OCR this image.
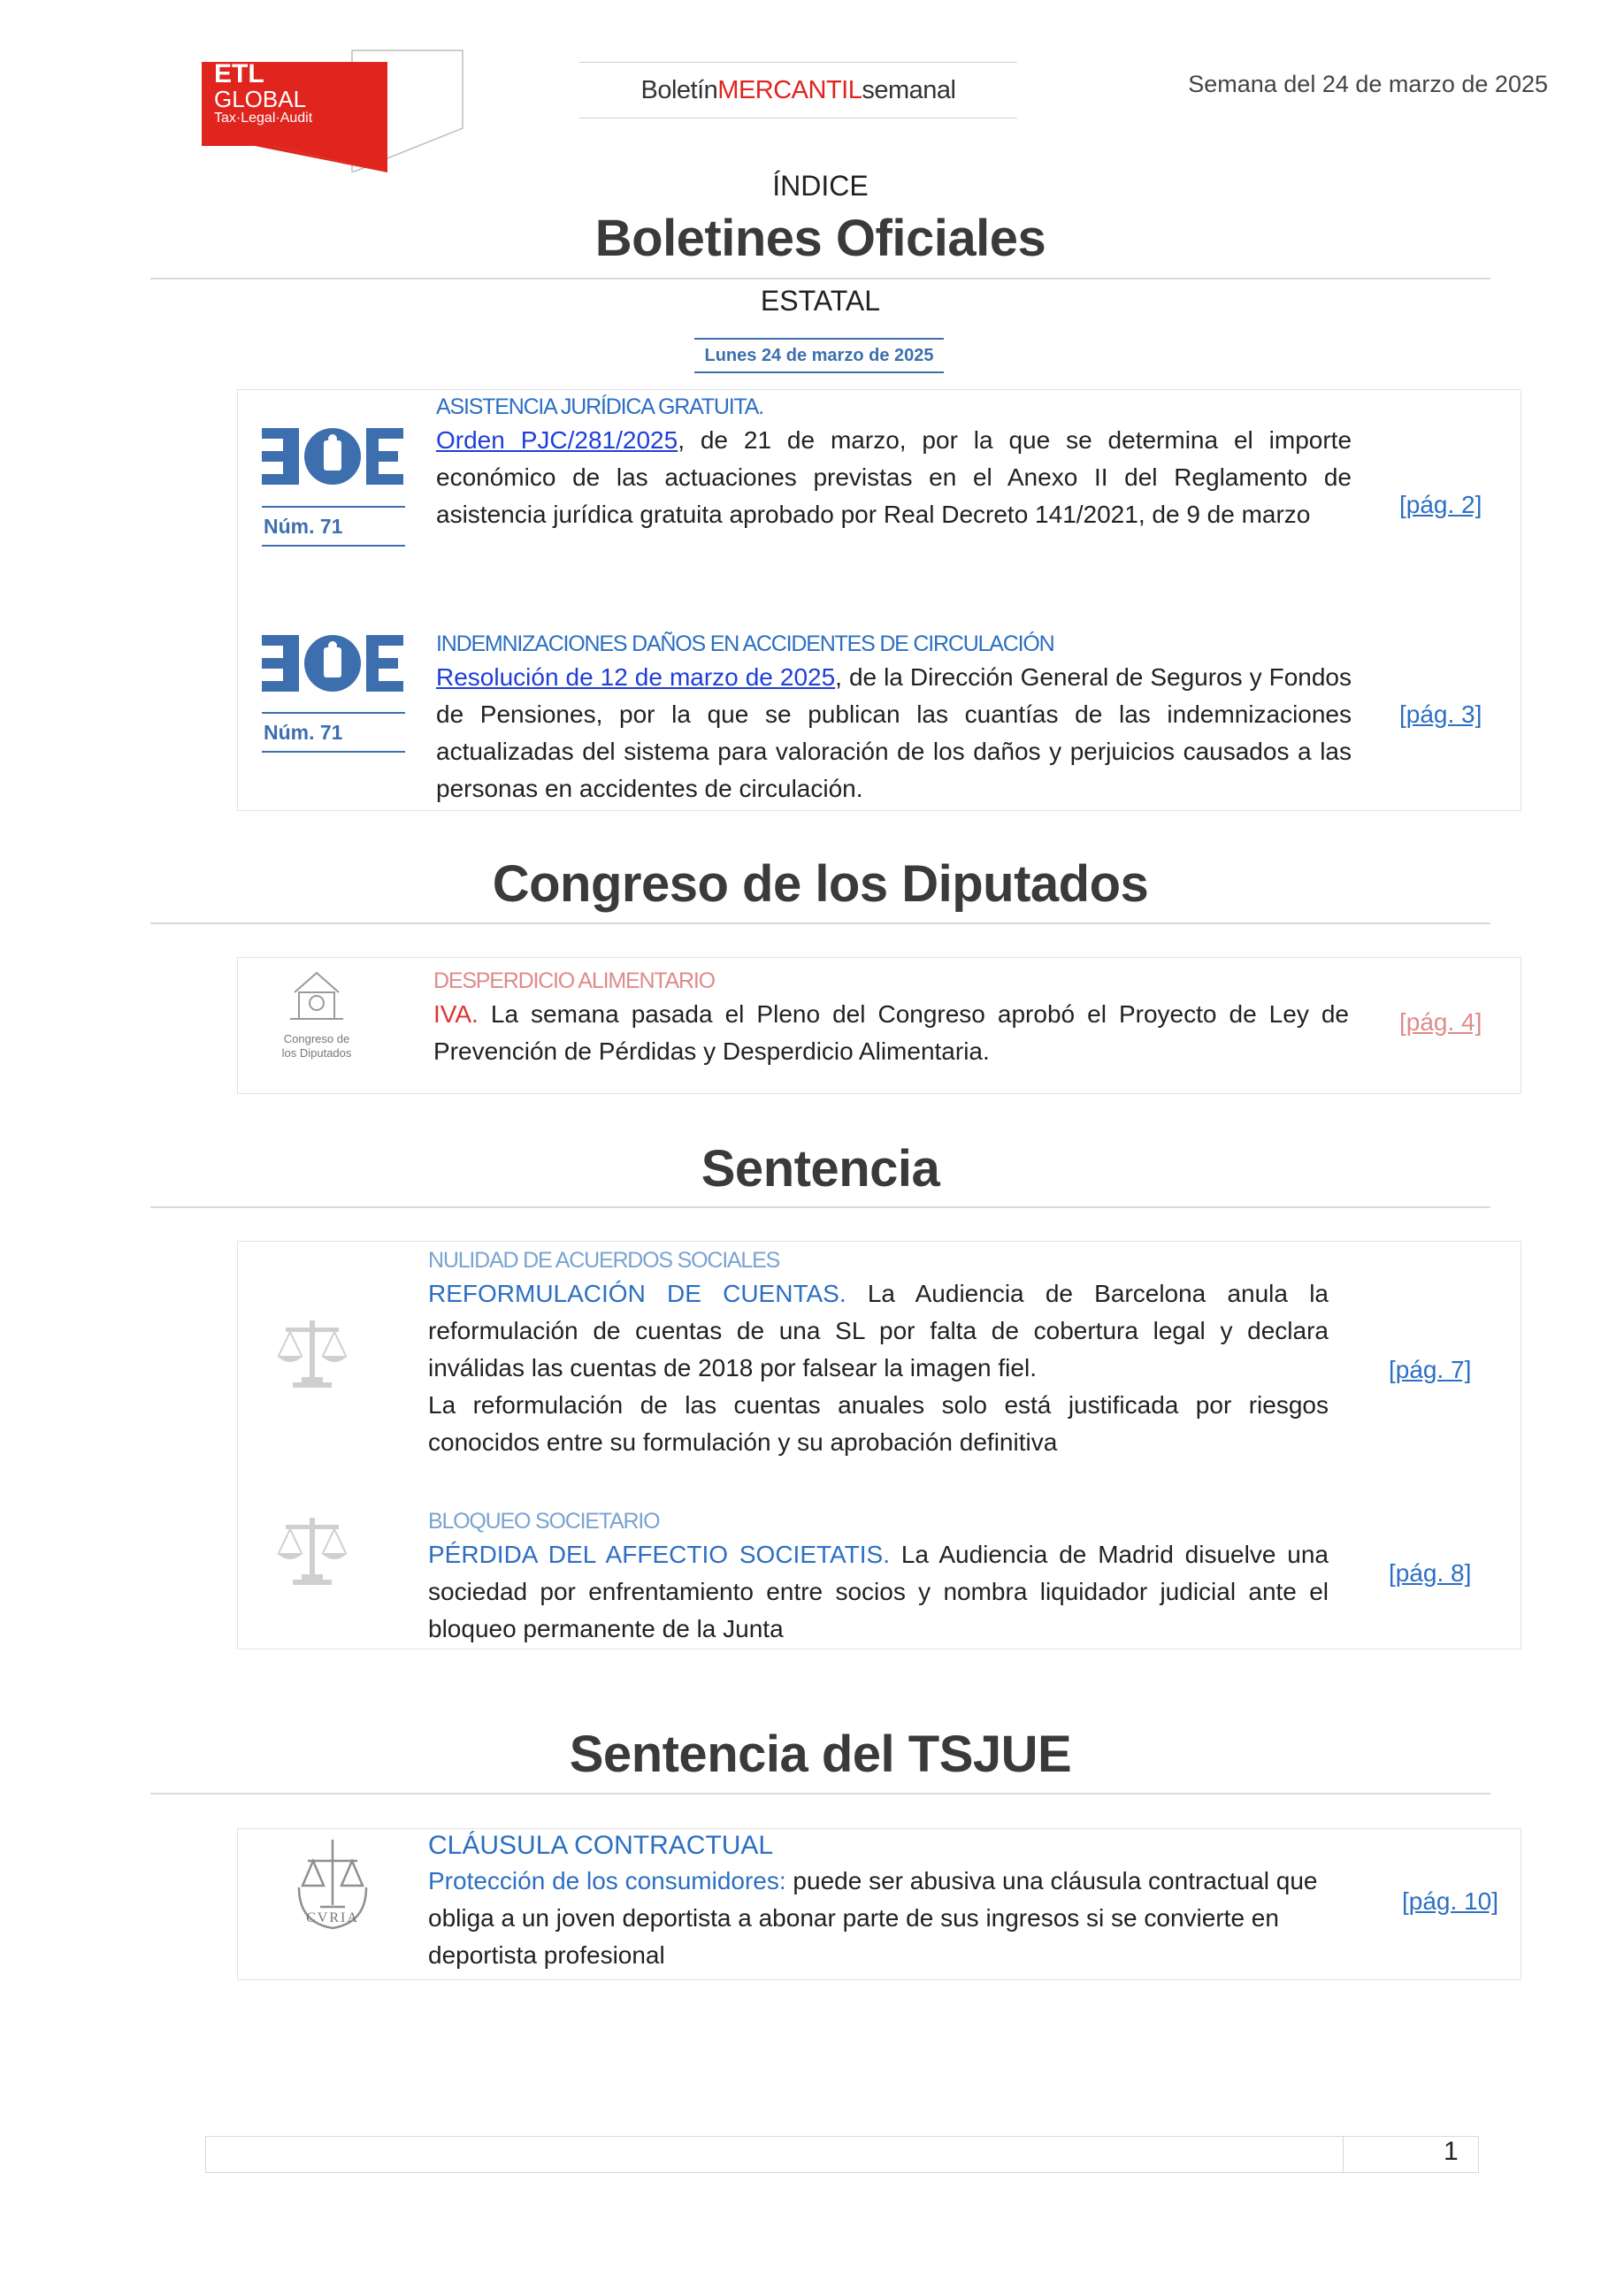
ETL
GLOBAL
Tax·Legal·Audit
Boletín MERCANTIL semanal	Semana del 24 de marzo de 2025
ÍNDICE
Boletines Oficiales
ESTATAL
Lunes 24 de marzo de 2025
Núm. 71
ASISTENCIA JURÍDICA GRATUITA.
Orden PJC/281/2025, de 21 de marzo, por la que se determina el importe económico de las actuaciones previstas en el Anexo II del Reglamento de asistencia jurídica gratuita aprobado por Real Decreto 141/2021, de 9 de marzo	[pág. 2]
Núm. 71
INDEMNIZACIONES DAÑOS EN ACCIDENTES DE CIRCULACIÓN
Resolución de 12 de marzo de 2025, de la Dirección General de Seguros y Fondos de Pensiones, por la que se publican las cuantías de las indemnizaciones actualizadas del sistema para valoración de los daños y perjuicios causados a las personas en accidentes de circulación.
[pág. 3]
Congreso de los Diputados
Congreso de
los Diputados
DESPERDICIO ALIMENTARIO
IVA. La semana pasada el Pleno del Congreso aprobó el Proyecto de Ley de Prevención de Pérdidas y Desperdicio Alimentaria.
[pág. 4]
Sentencia
NULIDAD DE ACUERDOS SOCIALES
REFORMULACIÓN DE CUENTAS. La Audiencia de Barcelona anula la reformulación de cuentas de una SL por falta de cobertura legal y declara inválidas las cuentas de 2018 por falsear la imagen fiel.
La reformulación de las cuentas anuales solo está justificada por riesgos conocidos entre su formulación y su aprobación definitiva
[pág. 7]
BLOQUEO SOCIETARIO
PÉRDIDA DEL AFFECTIO SOCIETATIS. La Audiencia de Madrid disuelve una sociedad por enfrentamiento entre socios y nombra liquidador judicial ante el bloqueo permanente de la Junta
[pág. 8]
Sentencia del TSJUE
CVRIA
CLÁUSULA CONTRACTUAL
Protección de los consumidores: puede ser abusiva una cláusula contractual que obliga a un joven deportista a abonar parte de sus ingresos si se convierte en deportista profesional
[pág. 10]
1
